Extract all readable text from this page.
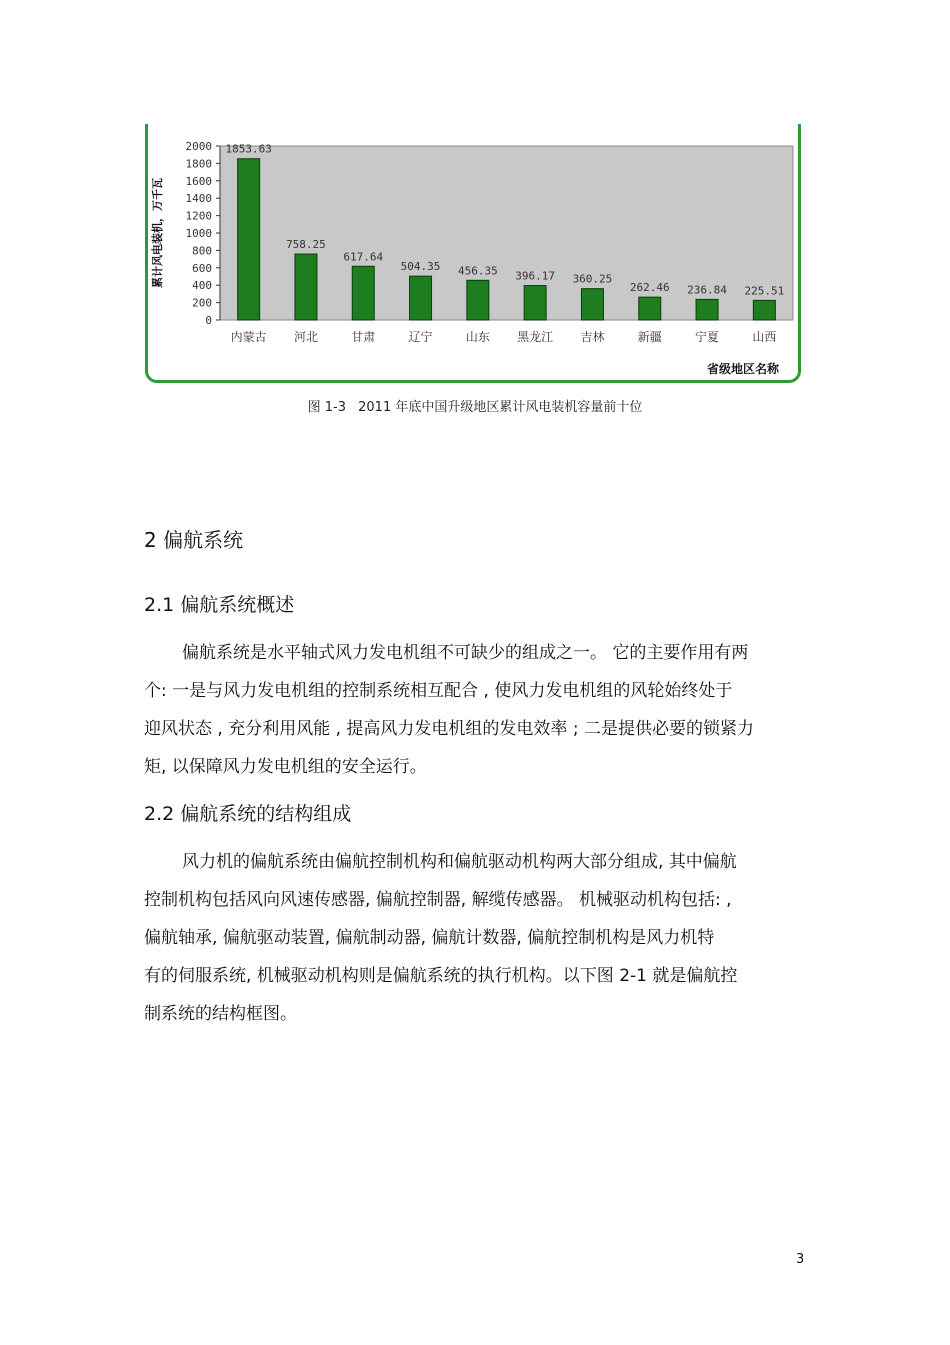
0
200
400
600
800
1000
1200
1400
1600
1800
2000 1853.63
内蒙古
758.25
河北
617.64
甘肃
504.35
辽宁
456.35
山东
396.17
黑龙江
360.25
吉林
262.46
新疆
236.84
宁夏
225.51
山西
累计风电装机，万千瓦
省级地区名称
图 1-3 2011 年底中国升级地区累计风电装机容量前十位
2 偏航系统
2.1 偏航系统概述
偏航系统是水平轴式风力发电机组不可缺少的组成之一。 它的主要作用有两
个: 一是与风力发电机组的控制系统相互配合 , 使风力发电机组的风轮始终处于
迎风状态 , 充分利用风能 , 提高风力发电机组的发电效率 ; 二是提供必要的锁紧力
矩, 以保障风力发电机组的安全运行。
2.2 偏航系统的结构组成
风力机的偏航系统由偏航控制机构和偏航驱动机构两大部分组成, 其中偏航
控制机构包括风向风速传感器, 偏航控制器, 解缆传感器。 机械驱动机构包括: ,
偏航轴承, 偏航驱动装置, 偏航制动器, 偏航计数器, 偏航控制机构是风力机特
有的伺服系统, 机械驱动机构则是偏航系统的执行机构。以下图 2-1 就是偏航控
制系统的结构框图。
3
